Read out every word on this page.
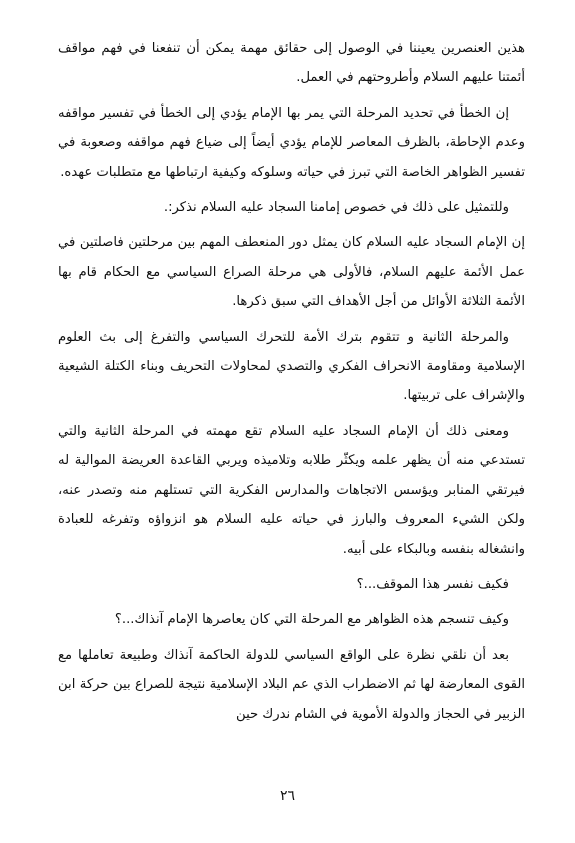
هذين العنصرين يعيننا في الوصول إلى حقائق مهمة يمكن أن تنفعنا في فهم مواقف أئمتنا عليهم السلام وأطروحتهم في العمل.

إن الخطأ في تحديد المرحلة التي يمر بها الإمام يؤدي إلى الخطأ في تفسير مواقفه وعدم الإحاطة، بالظرف المعاصر للإمام يؤدي أيضاً إلى ضياع فهم مواقفه وصعوبة في تفسير الظواهر الخاصة التي تبرز في حياته وسلوكه وكيفية ارتباطها مع متطلبات عهده.

وللتمثيل على ذلك في خصوص إمامنا السجاد عليه السلام نذكر:.

إن الإمام السجاد عليه السلام كان يمثل دور المنعطف المهم بين مرحلتين فاصلتين في عمل الأئمة عليهم السلام، فالأولى هي مرحلة الصراع السياسي مع الحكام قام بها الأئمة الثلاثة الأوائل من أجل الأهداف التي سبق ذكرها.

والمرحلة الثانية و تتقوم بترك الأمة للتحرك السياسي والتفرغ إلى بث العلوم الإسلامية ومقاومة الانحراف الفكري والتصدي لمحاولات التحريف وبناء الكتلة الشيعية والإشراف على تربيتها.

ومعنى ذلك أن الإمام السجاد عليه السلام تقع مهمته في المرحلة الثانية والتي تستدعي منه أن يظهر علمه ويكثّر طلابه وتلاميذه ويربي القاعدة العريضة الموالية له فيرتقي المنابر ويؤسس الاتجاهات والمدارس الفكرية التي تستلهم منه وتصدر عنه، ولكن الشيء المعروف والبارز في حياته عليه السلام هو انزواؤه وتفرغه للعبادة وانشغاله بنفسه وبالبكاء على أبيه.

فكيف نفسر هذا الموقف...؟

وكيف تنسجم هذه الظواهر مع المرحلة التي كان يعاصرها الإمام آنذاك...؟

بعد أن نلقي نظرة على الواقع السياسي للدولة الحاكمة آنذاك وطبيعة تعاملها مع القوى المعارضة لها ثم الاضطراب الذي عم البلاد الإسلامية نتيجة للصراع بين حركة ابن الزبير في الحجاز والدولة الأموية في الشام ندرك حين

٢٦
